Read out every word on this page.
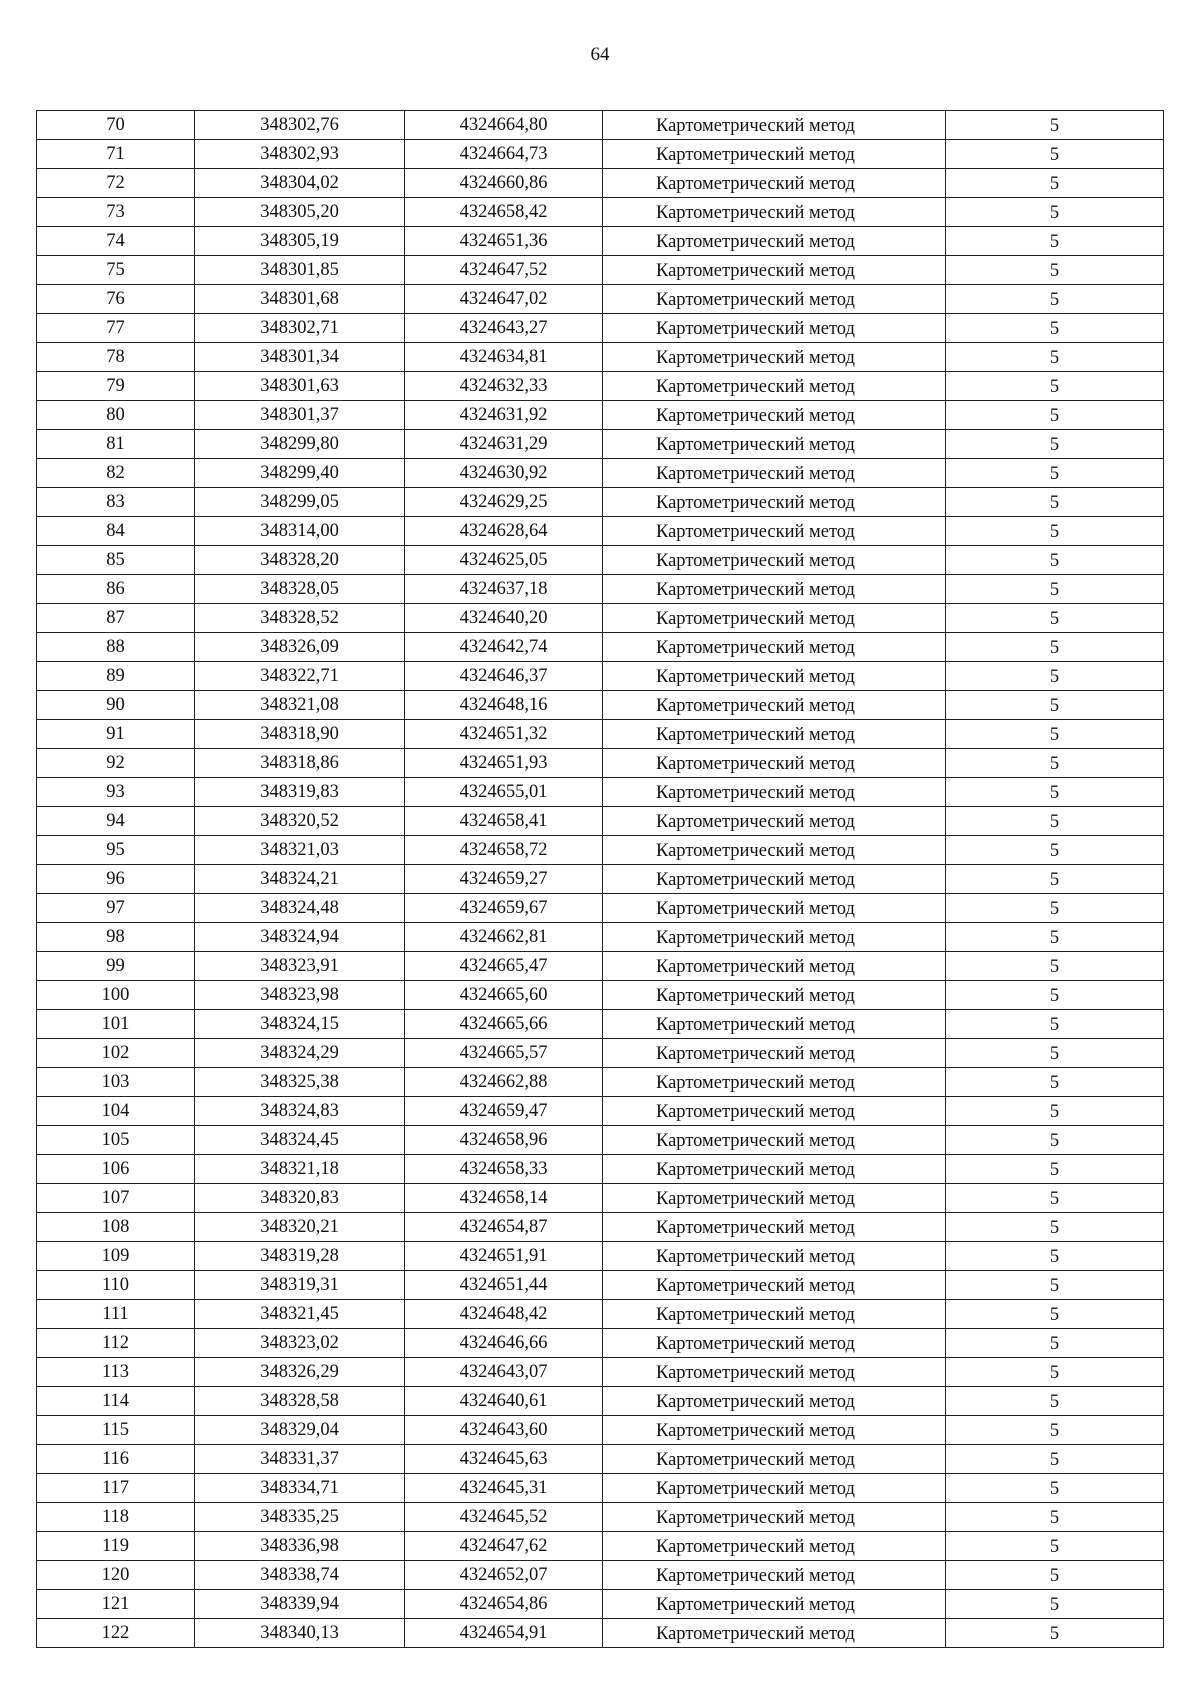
64
70	348302,76	4324664,80	Картометрический метод	5
71	348302,93	4324664,73	Картометрический метод	5
72	348304,02	4324660,86	Картометрический метод	5
73	348305,20	4324658,42	Картометрический метод	5
74	348305,19	4324651,36	Картометрический метод	5
75	348301,85	4324647,52	Картометрический метод	5
76	348301,68	4324647,02	Картометрический метод	5
77	348302,71	4324643,27	Картометрический метод	5
78	348301,34	4324634,81	Картометрический метод	5
79	348301,63	4324632,33	Картометрический метод	5
80	348301,37	4324631,92	Картометрический метод	5
81	348299,80	4324631,29	Картометрический метод	5
82	348299,40	4324630,92	Картометрический метод	5
83	348299,05	4324629,25	Картометрический метод	5
84	348314,00	4324628,64	Картометрический метод	5
85	348328,20	4324625,05	Картометрический метод	5
86	348328,05	4324637,18	Картометрический метод	5
87	348328,52	4324640,20	Картометрический метод	5
88	348326,09	4324642,74	Картометрический метод	5
89	348322,71	4324646,37	Картометрический метод	5
90	348321,08	4324648,16	Картометрический метод	5
91	348318,90	4324651,32	Картометрический метод	5
92	348318,86	4324651,93	Картометрический метод	5
93	348319,83	4324655,01	Картометрический метод	5
94	348320,52	4324658,41	Картометрический метод	5
95	348321,03	4324658,72	Картометрический метод	5
96	348324,21	4324659,27	Картометрический метод	5
97	348324,48	4324659,67	Картометрический метод	5
98	348324,94	4324662,81	Картометрический метод	5
99	348323,91	4324665,47	Картометрический метод	5
100	348323,98	4324665,60	Картометрический метод	5
101	348324,15	4324665,66	Картометрический метод	5
102	348324,29	4324665,57	Картометрический метод	5
103	348325,38	4324662,88	Картометрический метод	5
104	348324,83	4324659,47	Картометрический метод	5
105	348324,45	4324658,96	Картометрический метод	5
106	348321,18	4324658,33	Картометрический метод	5
107	348320,83	4324658,14	Картометрический метод	5
108	348320,21	4324654,87	Картометрический метод	5
109	348319,28	4324651,91	Картометрический метод	5
110	348319,31	4324651,44	Картометрический метод	5
111	348321,45	4324648,42	Картометрический метод	5
112	348323,02	4324646,66	Картометрический метод	5
113	348326,29	4324643,07	Картометрический метод	5
114	348328,58	4324640,61	Картометрический метод	5
115	348329,04	4324643,60	Картометрический метод	5
116	348331,37	4324645,63	Картометрический метод	5
117	348334,71	4324645,31	Картометрический метод	5
118	348335,25	4324645,52	Картометрический метод	5
119	348336,98	4324647,62	Картометрический метод	5
120	348338,74	4324652,07	Картометрический метод	5
121	348339,94	4324654,86	Картометрический метод	5
122	348340,13	4324654,91	Картометрический метод	5
